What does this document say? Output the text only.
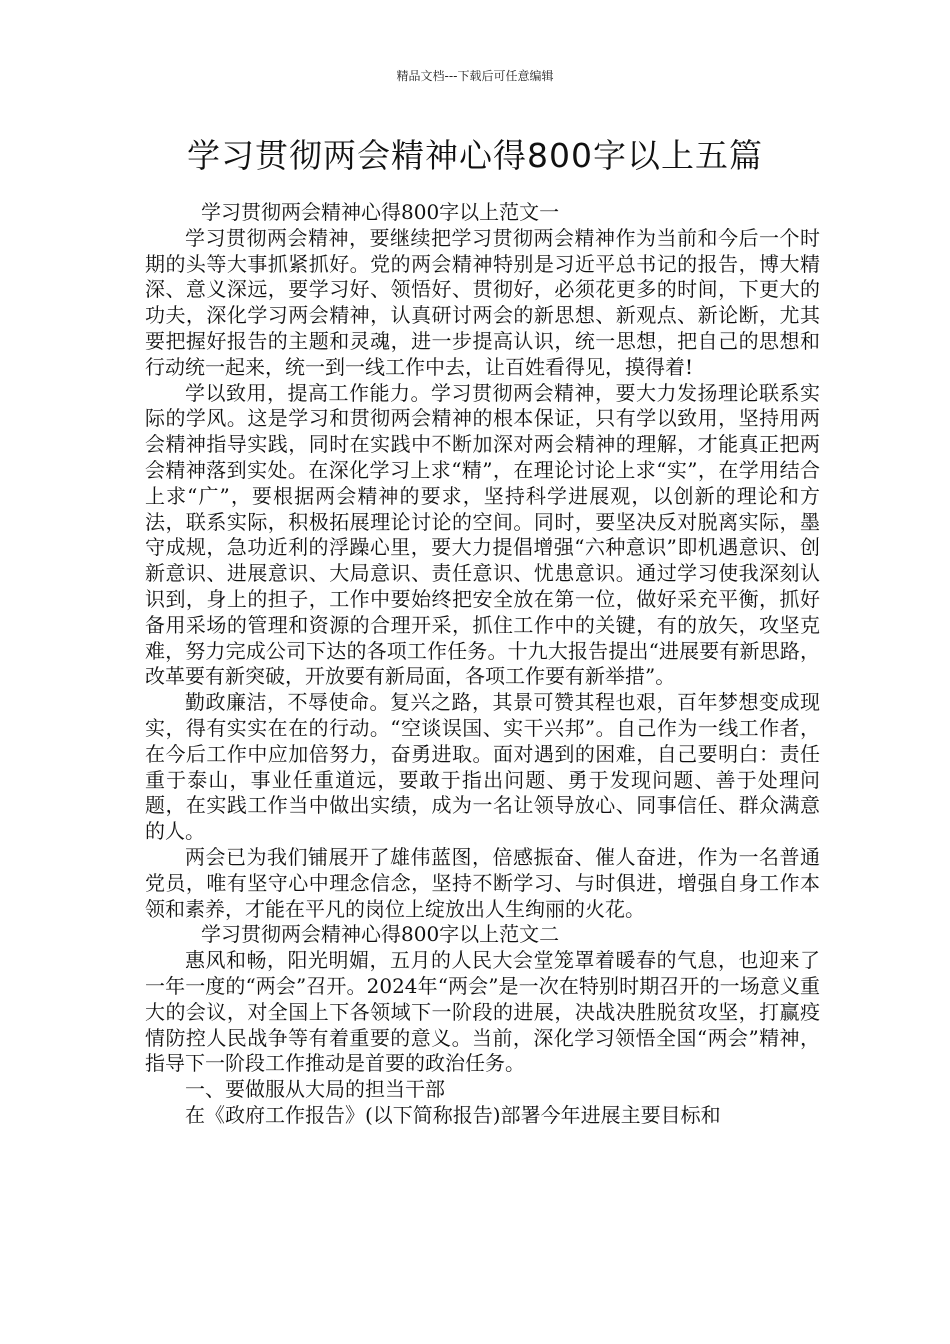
精品文档---下载后可任意编辑
学习贯彻两会精神心得800字以上五篇

学习贯彻两会精神心得800字以上范文一

学习贯彻两会精神，要继续把学习贯彻两会精神作为当前和今后一个时期的头等大事抓紧抓好。党的两会精神特别是习近平总书记的报告，博大精深、意义深远，要学习好、领悟好、贯彻好，必须花更多的时间，下更大的功夫，深化学习两会精神，认真研讨两会的新思想、新观点、新论断，尤其要把握好报告的主题和灵魂，进一步提高认识，统一思想，把自己的思想和行动统一起来，统一到一线工作中去，让百姓看得见，摸得着!

学以致用，提高工作能力。学习贯彻两会精神，要大力发扬理论联系实际的学风。这是学习和贯彻两会精神的根本保证，只有学以致用，坚持用两会精神指导实践，同时在实践中不断加深对两会精神的理解，才能真正把两会精神落到实处。在深化学习上求“精”，在理论讨论上求“实”，在学用结合上求“广”，要根据两会精神的要求，坚持科学进展观，以创新的理论和方法，联系实际，积极拓展理论讨论的空间。同时，要坚决反对脱离实际，墨守成规，急功近利的浮躁心里，要大力提倡增强“六种意识”即机遇意识、创新意识、进展意识、大局意识、责任意识、忧患意识。通过学习使我深刻认识到，身上的担子，工作中要始终把安全放在第一位，做好采充平衡，抓好备用采场的管理和资源的合理开采，抓住工作中的关键，有的放矢，攻坚克难，努力完成公司下达的各项工作任务。十九大报告提出“进展要有新思路，改革要有新突破，开放要有新局面，各项工作要有新举措”。

勤政廉洁，不辱使命。复兴之路，其景可赞其程也艰，百年梦想变成现实，得有实实在在的行动。“空谈误国、实干兴邦”。自己作为一线工作者，在今后工作中应加倍努力，奋勇进取。面对遇到的困难，自己要明白：责任重于泰山，事业任重道远，要敢于指出问题、勇于发现问题、善于处理问题，在实践工作当中做出实绩，成为一名让领导放心、同事信任、群众满意的人。

两会已为我们铺展开了雄伟蓝图，倍感振奋、催人奋进，作为一名普通党员，唯有坚守心中理念信念，坚持不断学习、与时俱进，增强自身工作本领和素养，才能在平凡的岗位上绽放出人生绚丽的火花。

学习贯彻两会精神心得800字以上范文二

惠风和畅，阳光明媚，五月的人民大会堂笼罩着暖春的气息，也迎来了一年一度的“两会”召开。2024年“两会”是一次在特别时期召开的一场意义重大的会议，对全国上下各领域下一阶段的进展，决战决胜脱贫攻坚，打赢疫情防控人民战争等有着重要的意义。当前，深化学习领悟全国“两会”精神，指导下一阶段工作推动是首要的政治任务。

一、要做服从大局的担当干部

在《政府工作报告》(以下简称报告)部署今年进展主要目标和
